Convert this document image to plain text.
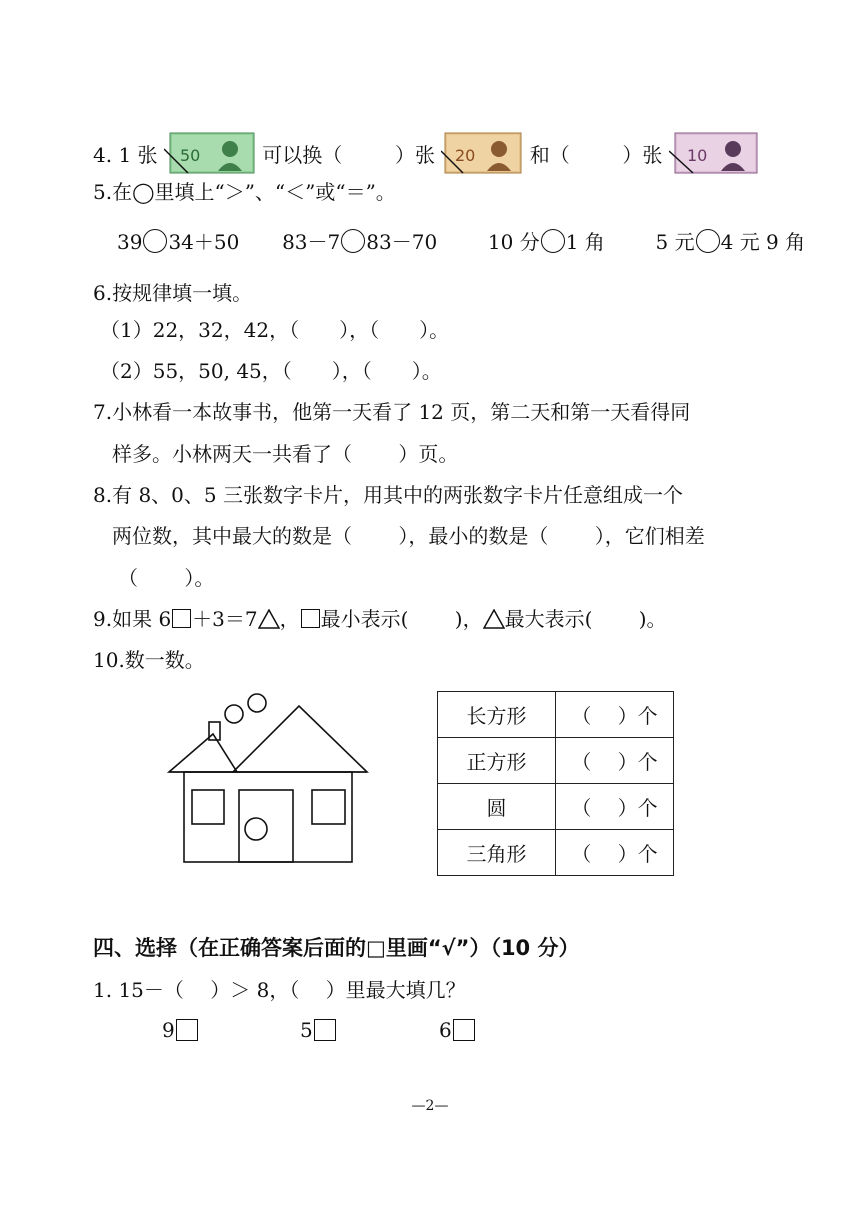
4. 1 张 50	可以换（	）张 20	和（	）张 10
5.在◯里填上“＞”、“＜”或“＝”。
39 34＋50 83－7 83－70	10 分 1 角	5 元 4 元 9 角
6.按规律填一填。
（1）22，32，42，（　　），（　　）。
（2）55，50, 45，（　　），（　　）。
7.小林看一本故事书，他第一天看了 12 页，第二天和第一天看得同
样多。小林两天一共看了（　　 ）页。
8.有 8、0、5 三张数字卡片，用其中的两张数字卡片任意组成一个
两位数，其中最大的数是（　　 ），最小的数是（　　 ），它们相差
（　　 ）。
9.如果 6 ＋3＝7 ， 最小表示(　　 )， 最大表示(　　 )。
10.数一数。
长方形	（　 ）个
正方形	（　 ）个
圆	（　 ）个
三角形	（　 ）个
四、选择（在正确答案后面的□里画“√”）（10 分）
1. 15－（　 ）＞ 8，（　 ）里最大填几？
9	5	6
—2—
